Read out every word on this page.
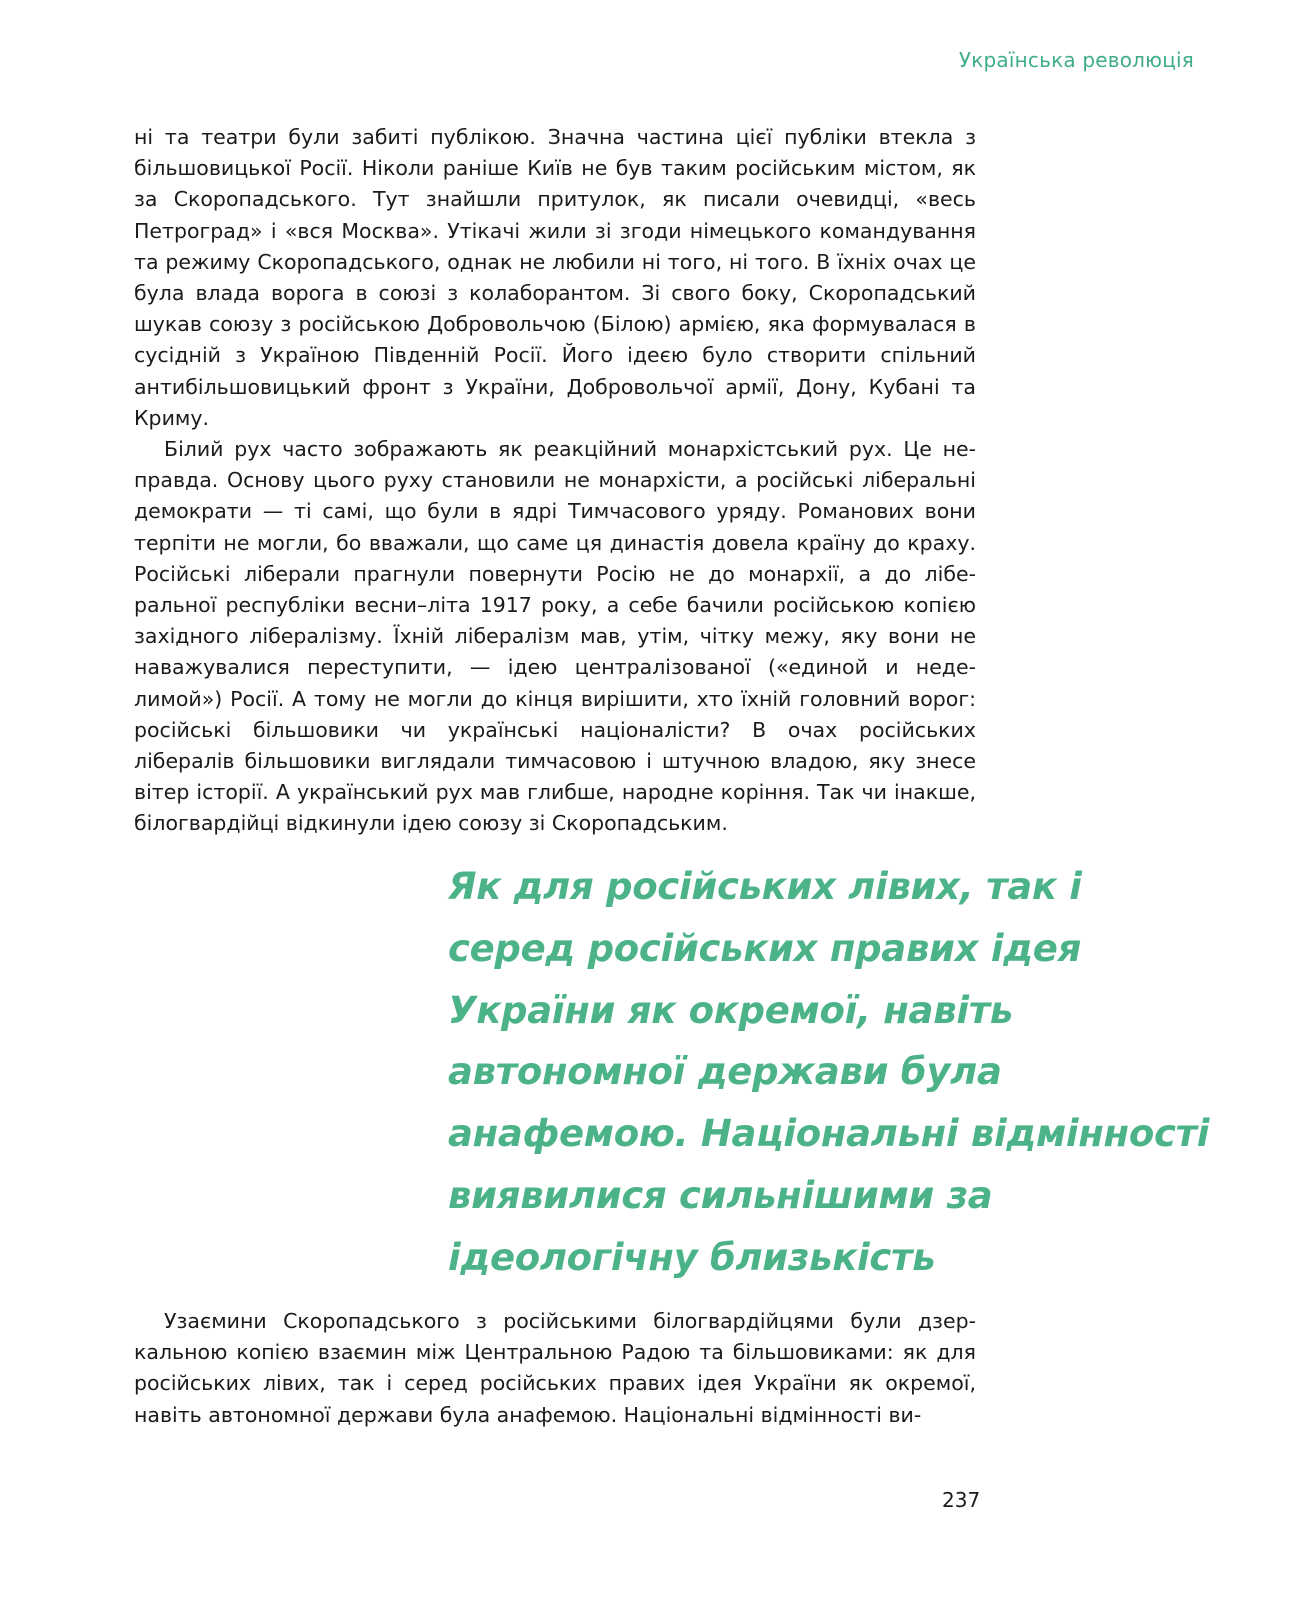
Українська революція

ні та театри були забиті публікою. Значна частина цієї публіки втекла з більшовицької Росії. Ніколи раніше Київ не був таким російським містом, як за Скоропадського. Тут знайшли притулок, як писали очевидці, «весь Петроград» і «вся Москва». Утікачі жили зі згоди німецького командування та режиму Скоропадського, однак не любили ні того, ні того. В їхніх очах це була влада ворога в союзі з колаборантом. Зі свого боку, Скоропадський шукав союзу з російською Добровольчою (Білою) армією, яка формувалася в сусідній з Україною Південній Росії. Його ідеєю було створити спільний антибільшовицький фронт з України, Добровольчої армії, Дону, Кубані та Криму.

Білий рух часто зображають як реакційний монархістський рух. Це неправда. Основу цього руху становили не монархісти, а російські ліберальні демократи — ті самі, що були в ядрі Тимчасового уряду. Романових вони терпіти не могли, бо вважали, що саме ця династія довела країну до краху. Російські ліберали прагнули повернути Росію не до монархії, а до ліберальної республіки весни–літа 1917 року, а себе бачили російською копією західного лібералізму. Їхній лібералізм мав, утім, чітку межу, яку вони не наважувалися переступити, — ідею централізованої («единой и неделимой») Росії. А тому не могли до кінця вирішити, хто їхній головний ворог: російські більшовики чи українські націоналісти? В очах російських лібералів більшовики виглядали тимчасовою і штучною владою, яку знесе вітер історії. А український рух мав глибше, народне коріння. Так чи інакше, білогвардійці відкинули ідею союзу зі Скоропадським.

Як для російських лівих, так і серед російських правих ідея України як окремої, навіть автономної держави була анафемою. Національні відмінності виявилися сильнішими за ідеологічну близькість

Узаємини Скоропадського з російськими білогвардійцями були дзеркальною копією взаємин між Центральною Радою та більшовиками: як для російських лівих, так і серед російських правих ідея України як окремої, навіть автономної держави була анафемою. Національні відмінності ви-

237
